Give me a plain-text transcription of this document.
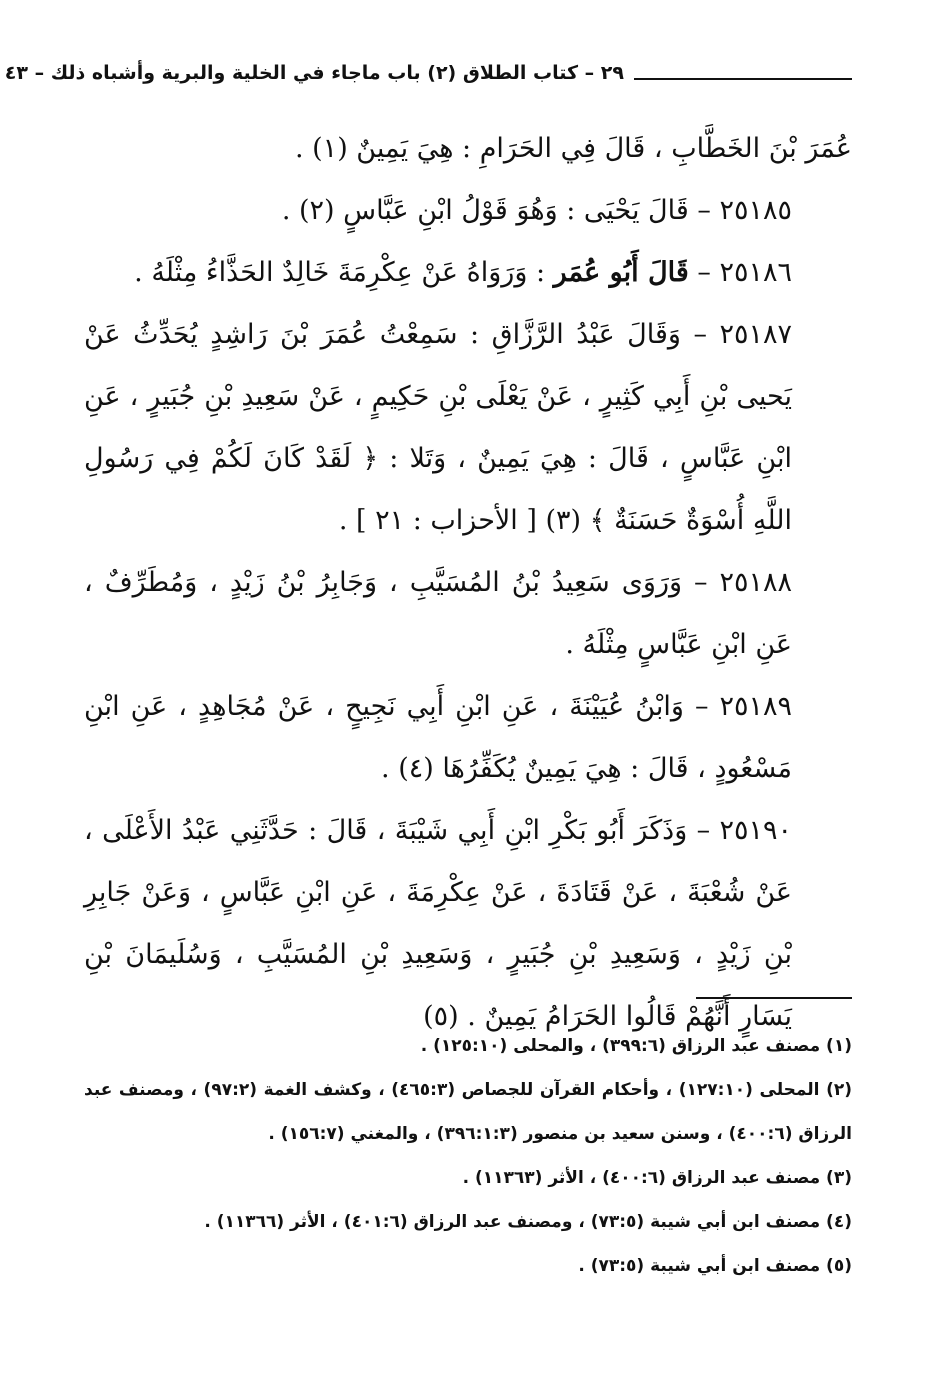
٢٩ – كتاب الطلاق (٢) باب ماجاء في الخلية والبرية وأشباه ذلك – ٤٣

عُمَرَ بْنَ الخَطَّابِ ، قَالَ فِي الحَرَامِ : هِيَ يَمِينٌ (١) .

٢٥١٨٥ – قَالَ يَحْيَى : وَهُوَ قَوْلُ ابْنِ عَبَّاسٍ (٢) .

٢٥١٨٦ – قَالَ أَبُو عُمَر : وَرَوَاهُ عَنْ عِكْرِمَةَ خَالِدٌ الحَذَّاءُ مِثْلَهُ .

٢٥١٨٧ – وَقَالَ عَبْدُ الرَّزَّاقِ : سَمِعْتُ عُمَرَ بْنَ رَاشِدٍ يُحَدِّثُ عَنْ يَحيى بْنِ أَبِي كَثِيرٍ ، عَنْ يَعْلَى بْنِ حَكِيمٍ ، عَنْ سَعِيدِ بْنِ جُبَيرٍ ، عَنِ ابْنِ عَبَّاسٍ ، قَالَ : هِيَ يَمِينٌ ، وَتَلا : ﴿ لَقَدْ كَانَ لَكُمْ فِي رَسُولِ اللَّهِ أُسْوَةٌ حَسَنَةٌ ﴾ (٣) [ الأحزاب : ٢١ ] .

٢٥١٨٨ – وَرَوَى سَعِيدُ بْنُ المُسَيَّبِ ، وَجَابِرُ بْنُ زَيْدٍ ، وَمُطَرِّفٌ ، عَنِ ابْنِ عَبَّاسٍ مِثْلَهُ .

٢٥١٨٩ – وَابْنُ عُيَيْنَةَ ، عَنِ ابْنِ أَبِي نَجِيحٍ ، عَنْ مُجَاهِدٍ ، عَنِ ابْنِ مَسْعُودٍ ، قَالَ : هِيَ يَمِينٌ يُكَفِّرُهَا (٤) .

٢٥١٩٠ – وَذَكَرَ أَبُو بَكْرِ ابْنِ أَبِي شَيْبَةَ ، قَالَ : حَدَّثَنِي عَبْدُ الأَعْلَى ، عَنْ شُعْبَةَ ، عَنْ قَتَادَةَ ، عَنْ عِكْرِمَةَ ، عَنِ ابْنِ عَبَّاسٍ ، وَعَنْ جَابِرِ بْنِ زَيْدٍ ، وَسَعِيدِ بْنِ جُبَيرٍ ، وَسَعِيدِ بْنِ المُسَيَّبِ ، وَسُلَيمَانَ بْنِ يَسَارٍ أَنَّهُمْ قَالُوا الحَرَامُ يَمِينٌ . (٥)

(١) مصنف عبد الرزاق (٣٩٩:٦) ، والمحلى (١٢٥:١٠) .

(٢) المحلى (١٢٧:١٠) ، وأحكام القرآن للجصاص (٤٦٥:٣) ، وكشف الغمة (٩٧:٢) ، ومصنف عبد الرزاق (٤٠٠:٦) ، وسنن سعيد بن منصور (٣٩٦:١:٣) ، والمغني (١٥٦:٧) .

(٣) مصنف عبد الرزاق (٤٠٠:٦) ، الأثر (١١٣٦٣) .

(٤) مصنف ابن أبي شيبة (٧٣:٥) ، ومصنف عبد الرزاق (٤٠١:٦) ، الأثر (١١٣٦٦) .

(٥) مصنف ابن أبي شيبة (٧٣:٥) .
